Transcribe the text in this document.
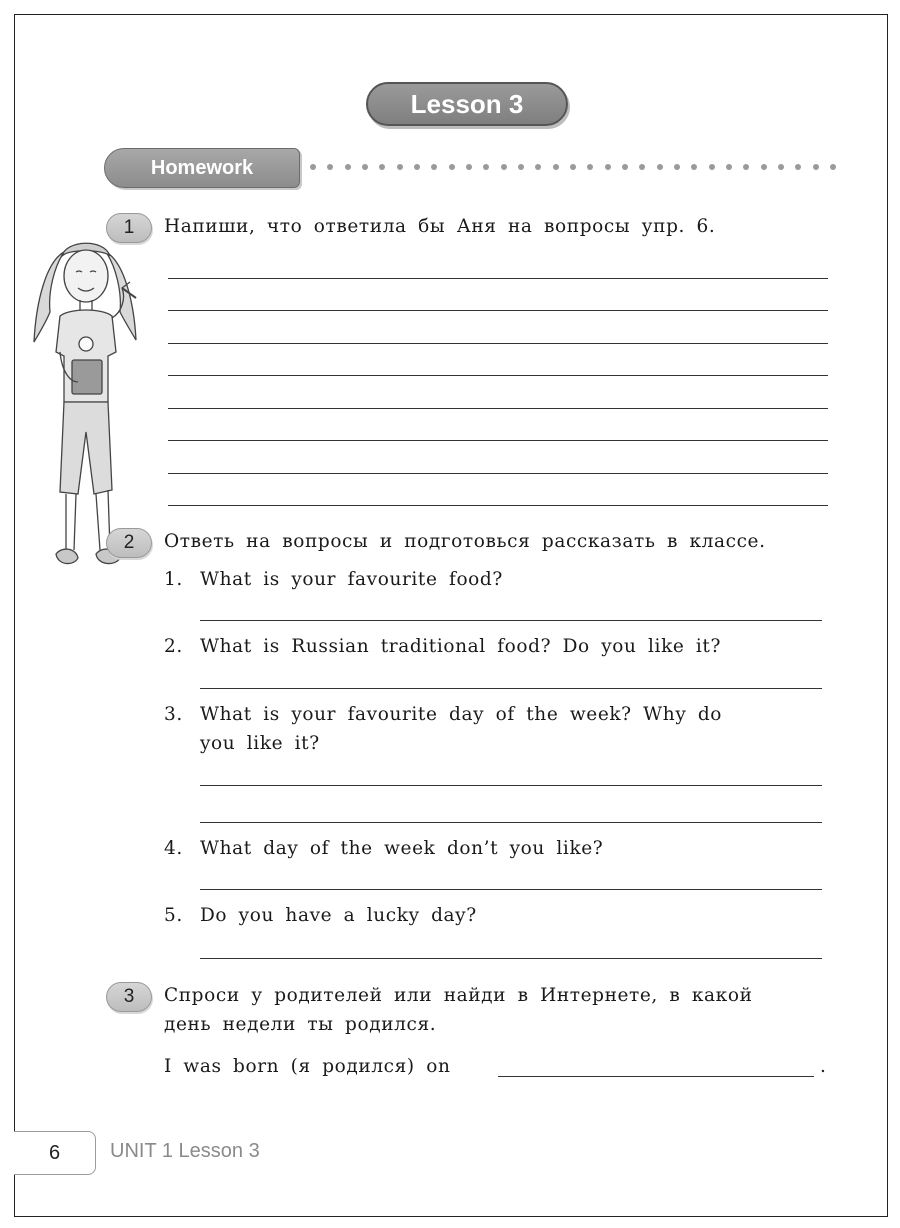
Lesson 3
Homework
1	Напиши, что ответила бы Аня на вопросы упр. 6.
2	Ответь на вопросы и подготовься рассказать в классе.
1. What is your favourite food?
2. What is Russian traditional food? Do you like it?
3. What is your favourite day of the week? Why do
you like it?
4. What day of the week don’t you like?
5. Do you have a lucky day?
3	Спроси у родителей или найди в Интернете, в какой
день недели ты родился.
I was born (я родился) on	.
6	UNIT 1 Lesson 3
